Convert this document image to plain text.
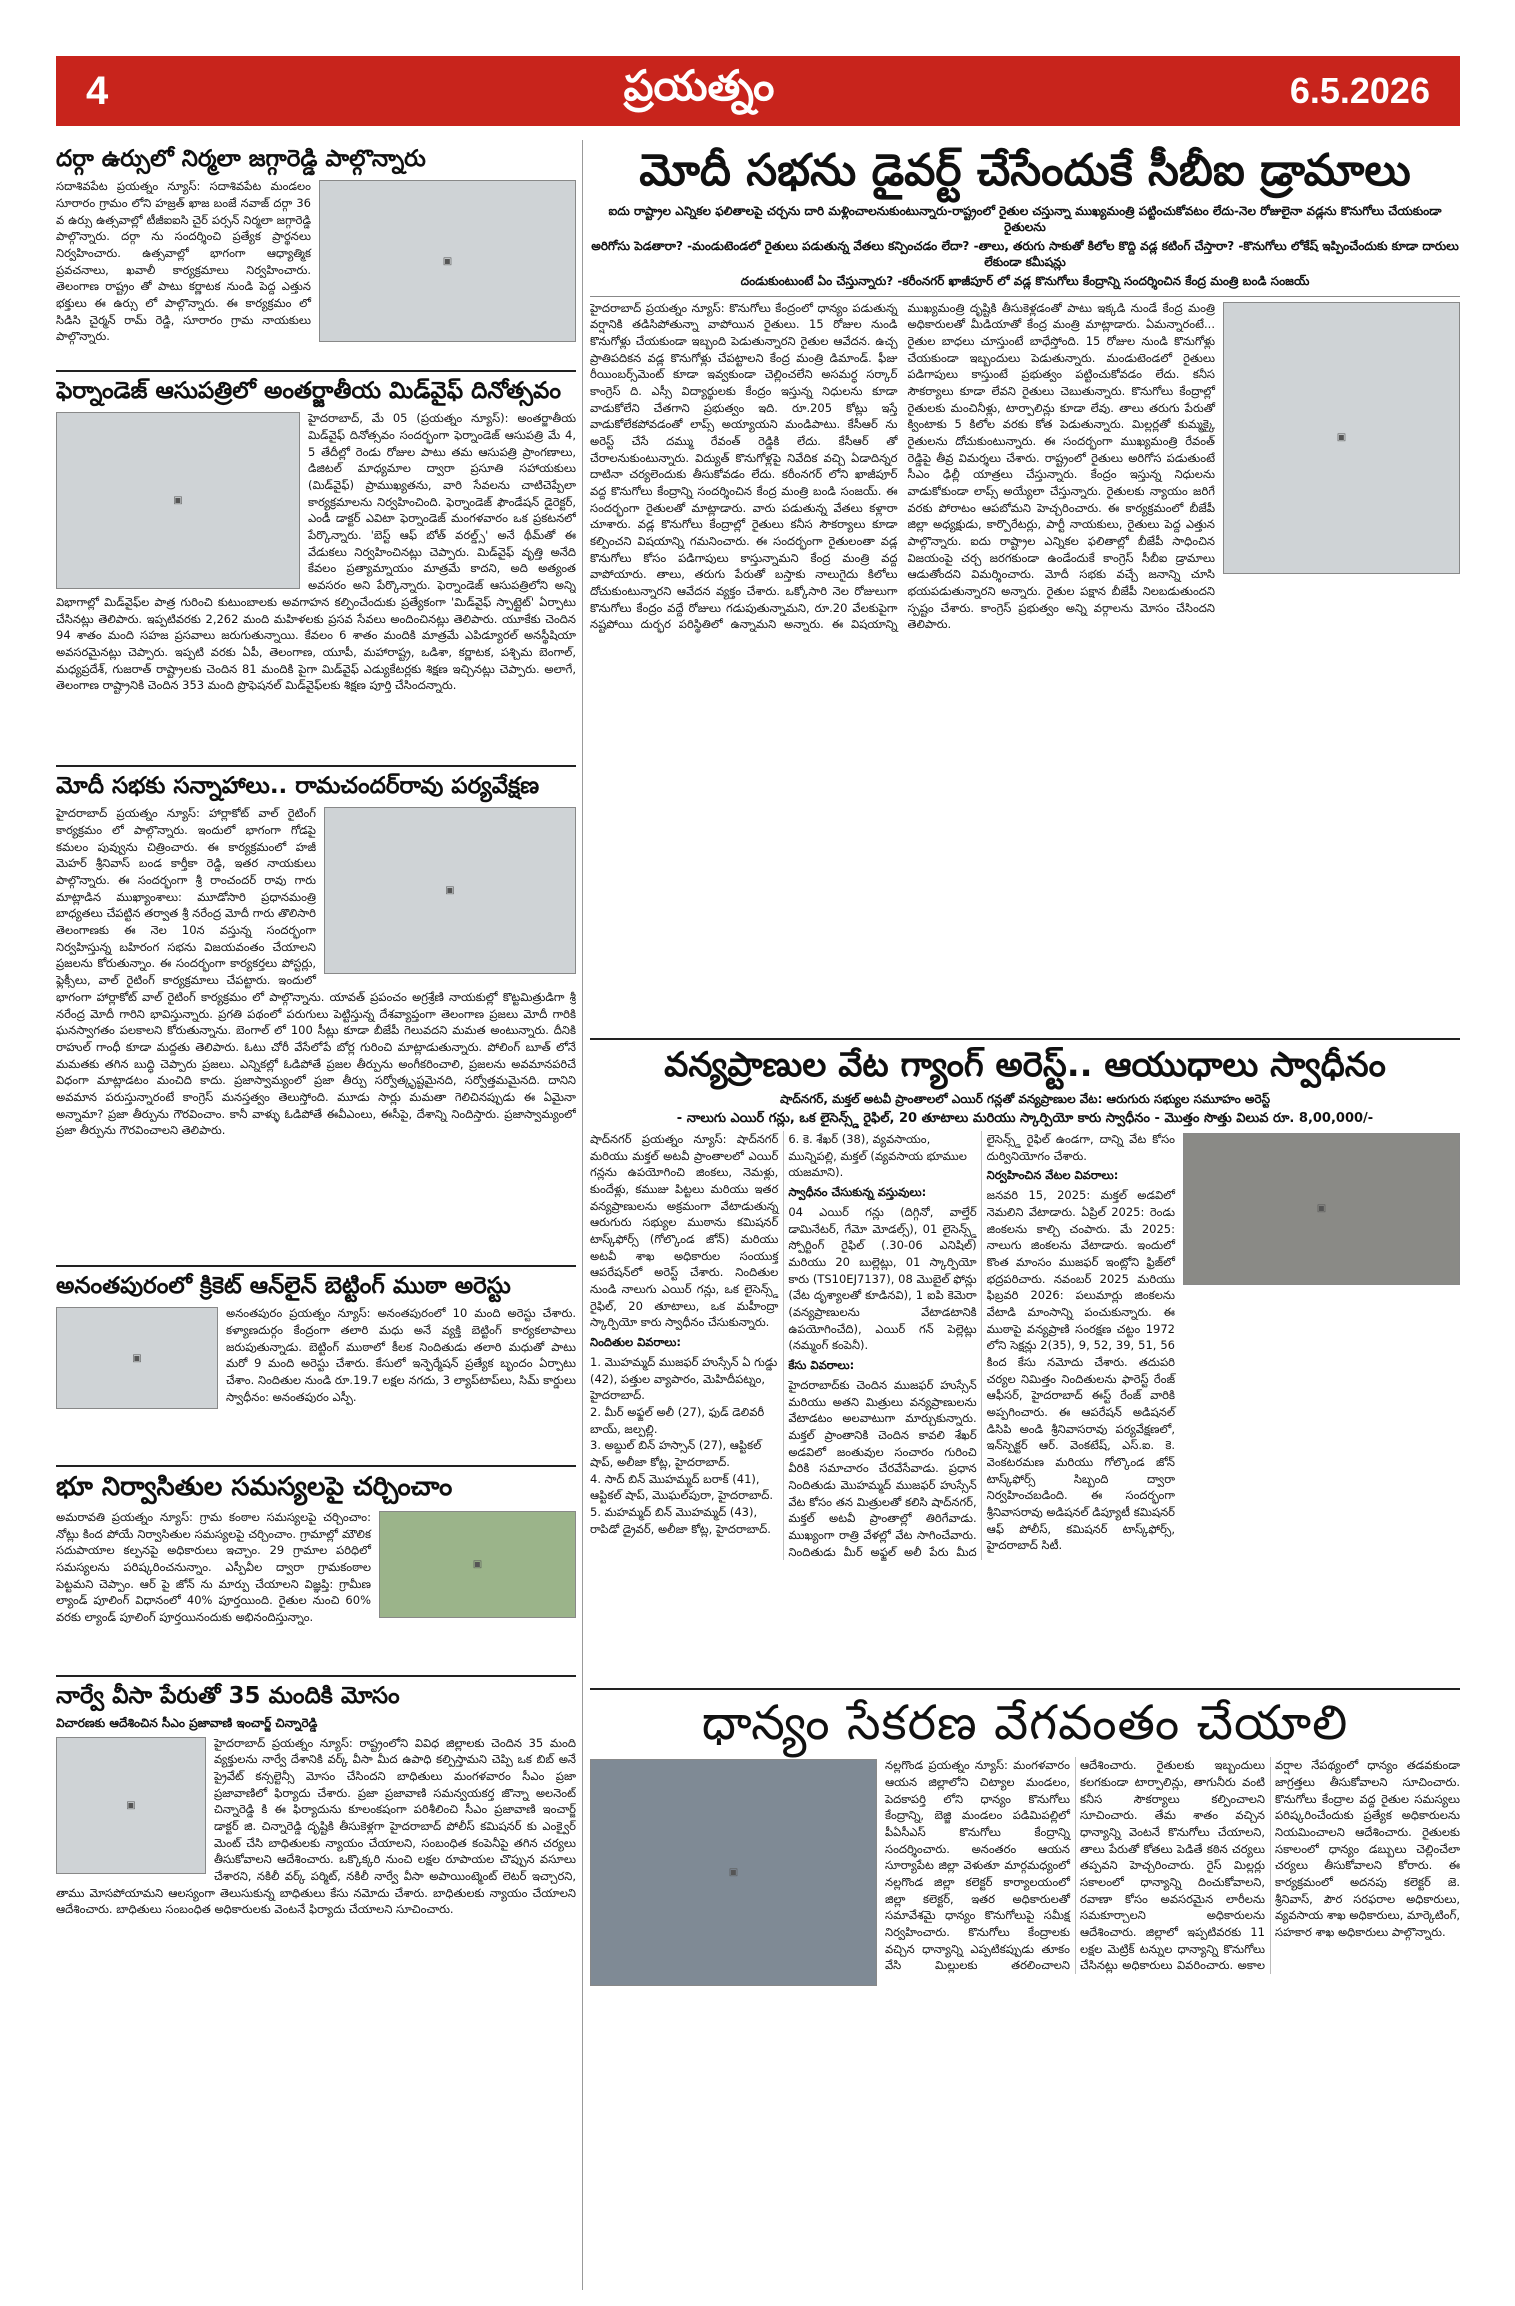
4	ప్రయత్నం	6.5.2026
దర్గా ఉర్సులో నిర్మలా జగ్గారెడ్డి పాల్గొన్నారు
▣

సదాశివపేట ప్రయత్నం న్యూస్: సదాశివపేట మండలం సూరారం గ్రామం లోని హజ్రత్ ఖాజ బంజే నవాజ్ దర్గా 36 వ ఉర్సు ఉత్సవాల్లో టీజీఐఐసి చైర్ పర్సన్ నిర్మలా జగ్గారెడ్డి పాల్గొన్నారు. దర్గా ను సందర్శించి ప్రత్యేక ప్రార్థనలు నిర్వహించారు. ఉత్సవాల్లో భాగంగా ఆధ్యాత్మిక ప్రవచనాలు, ఖవాలీ కార్యక్రమాలు నిర్వహించారు. తెలంగాణ రాష్ట్రం తో పాటు కర్ణాటక నుండి పెద్ద ఎత్తున భక్తులు ఈ ఉర్సు లో పాల్గొన్నారు. ఈ కార్యక్రమం లో సిడిసి చైర్మన్ రామ్ రెడ్డి, సూరారం గ్రామ నాయకులు పాల్గొన్నారు.

ఫెర్నాండెజ్ ఆసుపత్రిలో అంతర్జాతీయ మిడ్‌వైఫ్ దినోత్సవం
▣

హైదరాబాద్, మే 05 (ప్రయత్నం న్యూస్): అంతర్జాతీయ మిడ్‌వైఫ్ దినోత్సవం సందర్భంగా ఫెర్నాండెజ్ ఆసుపత్రి మే 4, 5 తేదీల్లో రెండు రోజుల పాటు తమ ఆసుపత్రి ప్రాంగణాలు, డిజిటల్ మాధ్యమాల ద్వారా ప్రసూతి సహాయకులు (మిడ్‌వైఫ్) ప్రాముఖ్యతను, వారి సేవలను చాటిచెప్పేలా కార్యక్రమాలను నిర్వహించింది. ఫెర్నాండెజ్ ఫౌండేషన్ డైరెక్టర్, ఎండీ డాక్టర్ ఎవిటా ఫెర్నాండెజ్ మంగళవారం ఒక ప్రకటనలో పేర్కొన్నారు. 'బెస్ట్ ఆఫ్ బోత్ వరల్డ్స్' అనే థీమ్‌తో ఈ వేడుకలు నిర్వహించినట్లు చెప్పారు. మిడ్‌వైఫ్ వృత్తి అనేది కేవలం ప్రత్యామ్నాయం మాత్రమే కాదని, అది అత్యంత అవసరం అని పేర్కొన్నారు. ఫెర్నాండెజ్ ఆసుపత్రిలోని అన్ని విభాగాల్లో మిడ్‌వైఫ్‌ల పాత్ర గురించి కుటుంబాలకు అవగాహన కల్పించేందుకు ప్రత్యేకంగా 'మిడ్‌వైఫ్ స్పాట్లైట్' ఏర్పాటు చేసినట్లు తెలిపారు. ఇప్పటివరకు 2,262 మంది మహిళలకు ప్రసవ సేవలు అందించినట్లు తెలిపారు. యూకేకు చెందిన 94 శాతం మంది సహజ ప్రసవాలు జరుగుతున్నాయి. కేవలం 6 శాతం మందికి మాత్రమే ఎపిడ్యూరల్ అనస్థీషియా అవసరమైనట్లు చెప్పారు. ఇప్పటి వరకు ఏపీ, తెలంగాణ, యూపీ, మహారాష్ట్ర, ఒడిశా, కర్ణాటక, పశ్చిమ బెంగాల్, మధ్యప్రదేశ్, గుజరాత్ రాష్ట్రాలకు చెందిన 81 మందికి పైగా మిడ్‌వైఫ్ ఎడ్యుకేటర్లకు శిక్షణ ఇచ్చినట్లు చెప్పారు. అలాగే, తెలంగాణ రాష్ట్రానికి చెందిన 353 మంది ప్రొఫెషనల్ మిడ్‌వైఫ్‌లకు శిక్షణ పూర్తి చేసిందన్నారు.

మోదీ సభకు సన్నాహాలు.. రామచందర్‌రావు పర్యవేక్షణ
▣

హైదరాబాద్ ప్రయత్నం న్యూస్: హార్లాకోట్ వాల్ రైటింగ్ కార్యక్రమం లో పాల్గొన్నారు. ఇందులో భాగంగా గోడపై కమలం పువ్వును చిత్రించారు. ఈ కార్యక్రమంలో హజీ మెహర్ శ్రీనివాస్ బండ కార్తీకా రెడ్డి, ఇతర నాయకులు పాల్గొన్నారు. ఈ సందర్భంగా శ్రీ రాంచందర్ రావు గారు మాట్లాడిన ముఖ్యాంశాలు: మూడోసారి ప్రధానమంత్రి బాధ్యతలు చేపట్టిన తర్వాత శ్రీ నరేంద్ర మోదీ గారు తొలిసారి తెలంగాణకు ఈ నెల 10న వస్తున్న సందర్భంగా నిర్వహిస్తున్న బహిరంగ సభను విజయవంతం చేయాలని ప్రజలను కోరుతున్నాం. ఈ సందర్భంగా కార్యకర్తలు పోస్టర్లు, ఫ్లెక్సీలు, వాల్ రైటింగ్ కార్యక్రమాలు చేపట్టారు. ఇందులో భాగంగా హార్లాకోట్ వాల్ రైటింగ్ కార్యక్రమం లో పాల్గొన్నాను. యావత్ ప్రపంచం అగ్రశ్రేణి నాయకుల్లో కొట్టమిత్రుడిగా శ్రీ నరేంద్ర మోదీ గారిని భావిస్తున్నారు. ప్రగతి పథంలో పరుగులు పెట్టిస్తున్న దేశవ్యాప్తంగా తెలంగాణ ప్రజలు మోదీ గారికి ఘనస్వాగతం పలకాలని కోరుతున్నాను. బెంగాల్ లో 100 సీట్లు కూడా బీజేపీ గెలువదని మమత అంటున్నారు. దీనికి రాహుల్ గాంధీ కూడా మద్దతు తెలిపారు. ఓటు చోరీ వేసేలోపే బోర్ల గురించి మాట్లాడుతున్నారు. పోలింగ్ బూత్ లోనే మమతకు తగిన బుద్ధి చెప్పారు ప్రజలు. ఎన్నికల్లో ఓడిపోతే ప్రజల తీర్పును అంగీకరించాలి, ప్రజలను అవమానపరిచే విధంగా మాట్లాడటం మంచిది కాదు. ప్రజాస్వామ్యంలో ప్రజా తీర్పు సర్వోత్కృష్టమైనది, సర్వోత్తమమైనది. దానిని అవమాన పరుస్తున్నారంటే కాంగ్రెస్ మనస్తత్వం తెలుస్తోంది. మూడు సార్లు మమతా గెలిచినప్పుడు ఈ ఏమైనా అన్నామా? ప్రజా తీర్పును గౌరవించాం. కానీ వాళ్ళు ఓడిపోతే ఈవీఎంలు, ఈసీపై, దేశాన్ని నిందిస్తారు. ప్రజాస్వామ్యంలో ప్రజా తీర్పును గౌరవించాలని తెలిపారు.

అనంతపురంలో క్రికెట్ ఆన్‌లైన్ బెట్టింగ్ ముఠా అరెస్టు
▣

అనంతపురం ప్రయత్నం న్యూస్: అనంతపురంలో 10 మంది అరెస్టు చేశారు. కళ్యాణదుర్గం కేంద్రంగా తలారి మధు అనే వ్యక్తి బెట్టింగ్ కార్యకలాపాలు జరుపుతున్నాడు. బెట్టింగ్ ముఠాలో కీలక నిందితుడు తలారి మధుతో పాటు మరో 9 మంది అరెస్టు చేశారు. కేసులో ఇన్ఫెర్మేషన్ ప్రత్యేక బృందం ఏర్పాటు చేశాం. నిందితుల నుండి రూ.19.7 లక్షల నగదు, 3 ల్యాప్‌టాప్‌లు, సిమ్ కార్డులు స్వాధీనం: అనంతపురం ఎస్పీ.

భూ నిర్వాసితుల సమస్యలపై చర్చించాం
▣

అమరావతి ప్రయత్నం న్యూస్: గ్రామ కంఠాల సమస్యలపై చర్చించాం: నోట్లు కింద పోయే నిర్వాసితుల సమస్యలపై చర్చించాం. గ్రామాల్లో మౌలిక సదుపాయాల కల్పనపై అధికారులు ఇచ్చాం. 29 గ్రామాల పరిధిలో సమస్యలను పరిష్కరించనున్నాం. ఎస్పీవీల ద్వారా గ్రామకంఠాల పెట్టమని చెప్పాం. ఆర్ పై జోన్ ను మార్పు చేయాలని విజ్ఞప్తి: గ్రామీణ ల్యాండ్ పూలింగ్ విధానంలో 40% పూర్తయింది. రైతుల నుంచి 60% వరకు ల్యాండ్ పూలింగ్ పూర్తయినందుకు అభినందిస్తున్నాం.

నార్వే వీసా పేరుతో 35 మందికి మోసం
విచారణకు ఆదేశించిన సీఎం ప్రజావాణి ఇంచార్జ్ చిన్నారెడ్డి
▣

హైదరాబాద్ ప్రయత్నం న్యూస్: రాష్ట్రంలోని వివిధ జిల్లాలకు చెందిన 35 మంది వ్యక్తులను నార్వే దేశానికి వర్క్ వీసా మీద ఉపాధి కల్పిస్తామని చెప్పి ఒక బిబ్ అనే ప్రైవేట్ కన్సల్టెన్సీ మోసం చేసిందని బాధితులు మంగళవారం సీఎం ప్రజా ప్రజావాణిలో ఫిర్యాదు చేశారు. ప్రజా ప్రజావాణి సమన్వయకర్త జొన్నా అలనెంట్ చిన్నారెడ్డి కి ఈ ఫిర్యాదును కూలంకషంగా పరిశీలించి సీఎం ప్రజావాణి ఇంచార్జ్ డాక్టర్ జి. చిన్నారెడ్డి దృష్టికి తీసుకెళ్లగా హైదరాబాద్ పోలీస్ కమిషనర్ కు ఎంక్వైర్ మెంట్ చేసి బాధితులకు న్యాయం చేయాలని, సంబంధిత కంపెనీపై తగిన చర్యలు తీసుకోవాలని ఆదేశించారు. ఒక్కొక్కరి నుంచి లక్షల రూపాయల చొప్పున వసూలు చేశారని, నకిలీ వర్క్ పర్మిట్, నకిలీ నార్వే వీసా అపాయింట్మెంట్ లెటర్ ఇచ్చారని, తాము మోసపోయామని ఆలస్యంగా తెలుసుకున్న బాధితులు కేసు నమోదు చేశారు. బాధితులకు న్యాయం చేయాలని ఆదేశించారు. బాధితులు సంబంధిత అధికారులకు వెంటనే ఫిర్యాదు చేయాలని సూచించారు.

మోదీ సభను డైవర్ట్ చేసేందుకే సీబీఐ డ్రామాలు
ఐదు రాష్ట్రాల ఎన్నికల ఫలితాలపై చర్చను దారి మళ్లించాలనుకుంటున్నారు-రాష్ట్రంలో రైతుల చస్తున్నా ముఖ్యమంత్రి పట్టించుకోవటం లేదు-నెల రోజులైనా వడ్లను కొనుగోలు చేయకుండా రైతులను
అరిగోసు పెడతారా? -మండుటెండలో రైతులు పడుతున్న వేతలు కన్పించడం లేదా? -తాలు, తరుగు సాకుతో కిలోల కొద్ది వడ్ల కటింగ్ చేస్తారా? -కొనుగోలు లోకేష్ ఇప్పించేందుకు కూడా దారులు లేకుండా కమీషన్లు
దండుకుంటుంటే ఏం చేస్తున్నారు? -కరీంనగర్ ఖాజీపూర్ లో వడ్ల కొనుగోలు కేంద్రాన్ని సందర్శించిన కేంద్ర మంత్రి బండి సంజయ్
▣

హైదరాబాద్ ప్రయత్నం న్యూస్: కొనుగోలు కేంద్రంలో ధాన్యం పడుతున్న వర్షానికి తడిసిపోతున్నా వాపోయిన రైతులు. 15 రోజుల నుండి కొనుగోళ్లు చేయకుండా ఇబ్బంది పెడుతున్నారని రైతుల ఆవేదన. ఉచ్చ ప్రాతిపదికన వడ్ల కొనుగోళ్లు చేపట్టాలని కేంద్ర మంత్రి డిమాండ్. ఫీజు రీయింబర్స్‌మెంట్ కూడా ఇవ్వకుండా చెల్లించలేని అసమర్ధ సర్కార్ కాంగ్రెస్ ది. ఎస్సీ విద్యార్థులకు కేంద్రం ఇస్తున్న నిధులను కూడా వాడుకోలేని చేతగాని ప్రభుత్వం ఇది. రూ.205 కోట్లు ఇస్తే వాడుకోలేకపోవడంతో లాప్స్ అయ్యాయని మండిపాటు. కేసీఆర్ ను అరెస్ట్ చేసే దమ్ము రేవంత్ రెడ్డికి లేదు. కేసీఆర్ తో చేరాలనుకుంటున్నారు. విద్యుత్ కొనుగోళ్లపై నివేదిక వచ్చి ఏడాదిన్నర దాటినా చర్యలెందుకు తీసుకోవడం లేదు. కరీంనగర్ లోని ఖాజీపూర్ వద్ద కొనుగోలు కేంద్రాన్ని సందర్శించిన కేంద్ర మంత్రి బండి సంజయ్. ఈ సందర్భంగా రైతులతో మాట్లాడారు. వారు పడుతున్న వేతలు కళ్లారా చూశారు. వడ్ల కొనుగోలు కేంద్రాల్లో రైతులు కనీస సౌకర్యాలు కూడా కల్పించని విషయాన్ని గమనించారు. ఈ సందర్భంగా రైతులంతా వడ్ల కొనుగోలు కోసం పడిగాపులు కాస్తున్నామని కేంద్ర మంత్రి వద్ద వాపోయారు. తాలు, తరుగు పేరుతో బస్తాకు నాలుగైదు కిలోలు దోచుకుంటున్నారని ఆవేదన వ్యక్తం చేశారు. ఒక్కోసారి నెల రోజులుగా కొనుగోలు కేంద్రం వద్దే రోజులు గడుపుతున్నామని, రూ.20 వేలకుపైగా నష్టపోయి దుర్భర పరిస్థితిలో ఉన్నామని అన్నారు. ఈ విషయాన్ని ముఖ్యమంత్రి దృష్టికి తీసుకెళ్లడంతో పాటు ఇక్కడి నుండే కేంద్ర మంత్రి అధికారులతో మీడియాతో కేంద్ర మంత్రి మాట్లాడారు. ఏమన్నారంటే... రైతుల బాధలు చూస్తుంటే బాధేస్తోంది. 15 రోజుల నుండి కొనుగోళ్లు చేయకుండా ఇబ్బందులు పెడుతున్నారు. మండుటెండలో రైతులు పడిగాపులు కాస్తుంటే ప్రభుత్వం పట్టించుకోవడం లేదు. కనీస సౌకర్యాలు కూడా లేవని రైతులు చెబుతున్నారు. కొనుగోలు కేంద్రాల్లో రైతులకు మంచినీళ్లు, టార్పాలిన్లు కూడా లేవు. తాలు తరుగు పేరుతో క్వింటాకు 5 కిలోల వరకు కోత పెడుతున్నారు. మిల్లర్లతో కుమ్మక్కై రైతులను దోచుకుంటున్నారు. ఈ సందర్భంగా ముఖ్యమంత్రి రేవంత్ రెడ్డిపై తీవ్ర విమర్శలు చేశారు. రాష్ట్రంలో రైతులు అరిగోస పడుతుంటే సీఎం ఢిల్లీ యాత్రలు చేస్తున్నారు. కేంద్రం ఇస్తున్న నిధులను వాడుకోకుండా లాప్స్ అయ్యేలా చేస్తున్నారు. రైతులకు న్యాయం జరిగే వరకు పోరాటం ఆపబోమని హెచ్చరించారు. ఈ కార్యక్రమంలో బీజేపీ జిల్లా అధ్యక్షుడు, కార్పొరేటర్లు, పార్టీ నాయకులు, రైతులు పెద్ద ఎత్తున పాల్గొన్నారు. ఐదు రాష్ట్రాల ఎన్నికల ఫలితాల్లో బీజేపీ సాధించిన విజయంపై చర్చ జరగకుండా ఉండేందుకే కాంగ్రెస్ సీబీఐ డ్రామాలు ఆడుతోందని విమర్శించారు. మోదీ సభకు వచ్చే జనాన్ని చూసి భయపడుతున్నారని అన్నారు. రైతుల పక్షాన బీజేపీ నిలబడుతుందని స్పష్టం చేశారు. కాంగ్రెస్ ప్రభుత్వం అన్ని వర్గాలను మోసం చేసిందని తెలిపారు.

వన్యప్రాణుల వేట గ్యాంగ్ అరెస్ట్.. ఆయుధాలు స్వాధీనం
షాద్‌నగర్, మక్తల్ అటవీ ప్రాంతాలలో ఎయిర్ గన్లతో వన్యప్రాణుల వేట: ఆరుగురు సభ్యుల సమూహం అరెస్ట్
- నాలుగు ఎయిర్ గన్లు, ఒక లైసెన్స్డ్ రైఫిల్, 20 తూటాలు మరియు స్కార్పియో కారు స్వాధీనం - మొత్తం సొత్తు విలువ రూ. 8,00,000/-
▣

షాద్‌నగర్ ప్రయత్నం న్యూస్: షాద్‌నగర్ మరియు మక్తల్ అటవీ ప్రాంతాలలో ఎయిర్ గన్లను ఉపయోగించి జింకలు, నెమళ్లు, కుందేళ్లు, కముజు పిట్టలు మరియు ఇతర వన్యప్రాణులను అక్రమంగా వేటాడుతున్న ఆరుగురు సభ్యుల ముఠాను కమిషనర్ టాస్క్‌ఫోర్స్ (గోల్కొండ జోన్) మరియు అటవీ శాఖ అధికారుల సంయుక్త ఆపరేషన్‌లో అరెస్ట్ చేశారు. నిందితుల నుండి నాలుగు ఎయిర్ గన్లు, ఒక లైసెన్స్డ్ రైఫిల్, 20 తూటాలు, ఒక మహీంద్రా స్కార్పియో కారు స్వాధీనం చేసుకున్నారు.

నిందితుల వివరాలు:

1. మొహమ్మద్ ముజఫర్ హుస్సేన్ ఏ గుడ్డు (42), పత్తుల వ్యాపారం, మెహిదీపట్నం, హైదరాబాద్.

2. మీర్ అఫ్జల్ అలీ (27), ఫుడ్ డెలివరీ బాయ్, జల్పల్లి.

3. అబ్దుల్ బిన్ హస్సాన్ (27), ఆప్టికల్ షాప్, అలీజా కోట్ల, హైదరాబాద్.

4. సాద్ బిన్ మొహమ్మద్ బరాక్ (41), ఆప్టికల్ షాప్, మొఘల్‌పురా, హైదరాబాద్.

5. మహమ్మద్ బిన్ మొహమ్మద్ (43), రాపిడో డ్రైవర్, అలీజా కోట్ల, హైదరాబాద్.

6. కె. శేఖర్ (38), వ్యవసాయం, మున్నిపల్లి, మక్తల్ (వ్యవసాయ భూముల యజమాని).

స్వాధీనం చేసుకున్న వస్తువులు:

04 ఎయిర్ గన్లు (దిగ్గినో, వాల్తేర్ డామినేటర్, గేమో మోడల్స్), 01 లైసెన్స్డ్ స్పోర్టింగ్ రైఫిల్ (.30-06 ఎనిషిల్) మరియు 20 బుల్లెట్లు, 01 స్కార్పియో కారు (TS10EJ7137), 08 మొబైల్ ఫోన్లు (వేట దృశ్యాలతో కూడినవి), 1 ఐపి కెమెరా (వన్యప్రాణులను వేటాడటానికి ఉపయోగించేది), ఎయిర్ గన్ పెల్లెట్లు (నమ్మంగ్ కంపెనీ).

కేసు వివరాలు:

హైదరాబాద్‌కు చెందిన ముజఫర్ హుస్సేన్ మరియు అతని మిత్రులు వన్యప్రాణులను వేటాడటం అలవాటుగా మార్చుకున్నారు. మక్తల్ ప్రాంతానికి చెందిన కావలి శేఖర్ అడవిలో జంతువుల సంచారం గురించి వీరికి సమాచారం చేరవేసేవాడు. ప్రధాన నిందితుడు మొహమ్మద్ ముజఫర్ హుస్సేన్ వేట కోసం తన మిత్రులతో కలిసి షాద్‌నగర్, మక్తల్ అటవీ ప్రాంతాల్లో తిరిగేవాడు. ముఖ్యంగా రాత్రి వేళల్లో వేట సాగించేవారు. నిందితుడు మీర్ అఫ్జల్ అలీ పేరు మీద లైసెన్స్డ్ రైఫిల్ ఉండగా, దాన్ని వేట కోసం దుర్వినియోగం చేశారు.

నిర్వహించిన వేటల వివరాలు:

జనవరి 15, 2025: మక్తల్ అడవిలో నెమలిని వేటాడారు. ఏప్రిల్ 2025: రెండు జింకలను కాల్చి చంపారు. మే 2025: నాలుగు జింకలను వేటాడారు. ఇందులో కొంత మాంసం ముజఫర్ ఇంట్లోని ఫ్రిజ్‌లో భద్రపరిచారు. నవంబర్ 2025 మరియు ఫిబ్రవరి 2026: పలుమార్లు జింకలను వేటాడి మాంసాన్ని పంచుకున్నారు. ఈ ముఠాపై వన్యప్రాణి సంరక్షణ చట్టం 1972 లోని సెక్షన్లు 2(35), 9, 52, 39, 51, 56 కింద కేసు నమోదు చేశారు. తదుపరి చర్యల నిమిత్తం నిందితులను ఫారెస్ట్ రేంజ్ ఆఫీసర్, హైదరాబాద్ ఈస్ట్ రేంజ్ వారికి అప్పగించారు. ఈ ఆపరేషన్ అడిషనల్ డిసిపి అండి శ్రీనివాసరావు పర్యవేక్షణలో, ఇన్‌స్పెక్టర్ ఆర్. వెంకటేష్, ఎస్.ఐ. కె. వెంకటరమణ మరియు గోల్కొండ జోన్ టాస్క్‌ఫోర్స్ సిబ్బంది ద్వారా నిర్వహించబడింది. ఈ సందర్భంగా శ్రీనివాసరావు అడిషనల్ డిప్యూటీ కమిషనర్ ఆఫ్ పోలీస్, కమిషనర్ టాస్క్‌ఫోర్స్, హైదరాబాద్ సిటీ.

ధాన్యం సేకరణ వేగవంతం చేయాలి
▣

నల్లగొండ ప్రయత్నం న్యూస్: మంగళవారం ఆయన జిల్లాలోని చిట్యాల మండలం, పెదకాపర్తి లోని ధాన్యం కొనుగోలు కేంద్రాన్ని, బెజ్జి మండలం పడిమిపల్లిలో పీఏసీఎస్ కొనుగోలు కేంద్రాన్ని సందర్శించారు. అనంతరం ఆయన సూర్యాపేట జిల్లా వెళుతూ మార్గమధ్యంలో నల్లగొండ జిల్లా కలెక్టర్ కార్యాలయంలో జిల్లా కలెక్టర్, ఇతర అధికారులతో సమావేశమై ధాన్యం కొనుగోలుపై సమీక్ష నిర్వహించారు. కొనుగోలు కేంద్రాలకు వచ్చిన ధాన్యాన్ని ఎప్పటికప్పుడు తూకం వేసి మిల్లులకు తరలించాలని ఆదేశించారు. రైతులకు ఇబ్బందులు కలగకుండా టార్పాలిన్లు, తాగునీరు వంటి కనీస సౌకర్యాలు కల్పించాలని సూచించారు. తేమ శాతం వచ్చిన ధాన్యాన్ని వెంటనే కొనుగోలు చేయాలని, తాలు పేరుతో కోతలు పెడితే కఠిన చర్యలు తప్పవని హెచ్చరించారు. రైస్ మిల్లర్లు సకాలంలో ధాన్యాన్ని దించుకోవాలని, రవాణా కోసం అవసరమైన లారీలను సమకూర్చాలని అధికారులను ఆదేశించారు. జిల్లాలో ఇప్పటివరకు 11 లక్షల మెట్రిక్ టన్నుల ధాన్యాన్ని కొనుగోలు చేసినట్లు అధికారులు వివరించారు. అకాల వర్షాల నేపథ్యంలో ధాన్యం తడవకుండా జాగ్రత్తలు తీసుకోవాలని సూచించారు. కొనుగోలు కేంద్రాల వద్ద రైతుల సమస్యలు పరిష్కరించేందుకు ప్రత్యేక అధికారులను నియమించాలని ఆదేశించారు. రైతులకు సకాలంలో ధాన్యం డబ్బులు చెల్లించేలా చర్యలు తీసుకోవాలని కోరారు. ఈ కార్యక్రమంలో అదనపు కలెక్టర్ జె. శ్రీనివాస్, పౌర సరఫరాల అధికారులు, వ్యవసాయ శాఖ అధికారులు, మార్కెటింగ్, సహకార శాఖ అధికారులు పాల్గొన్నారు.
